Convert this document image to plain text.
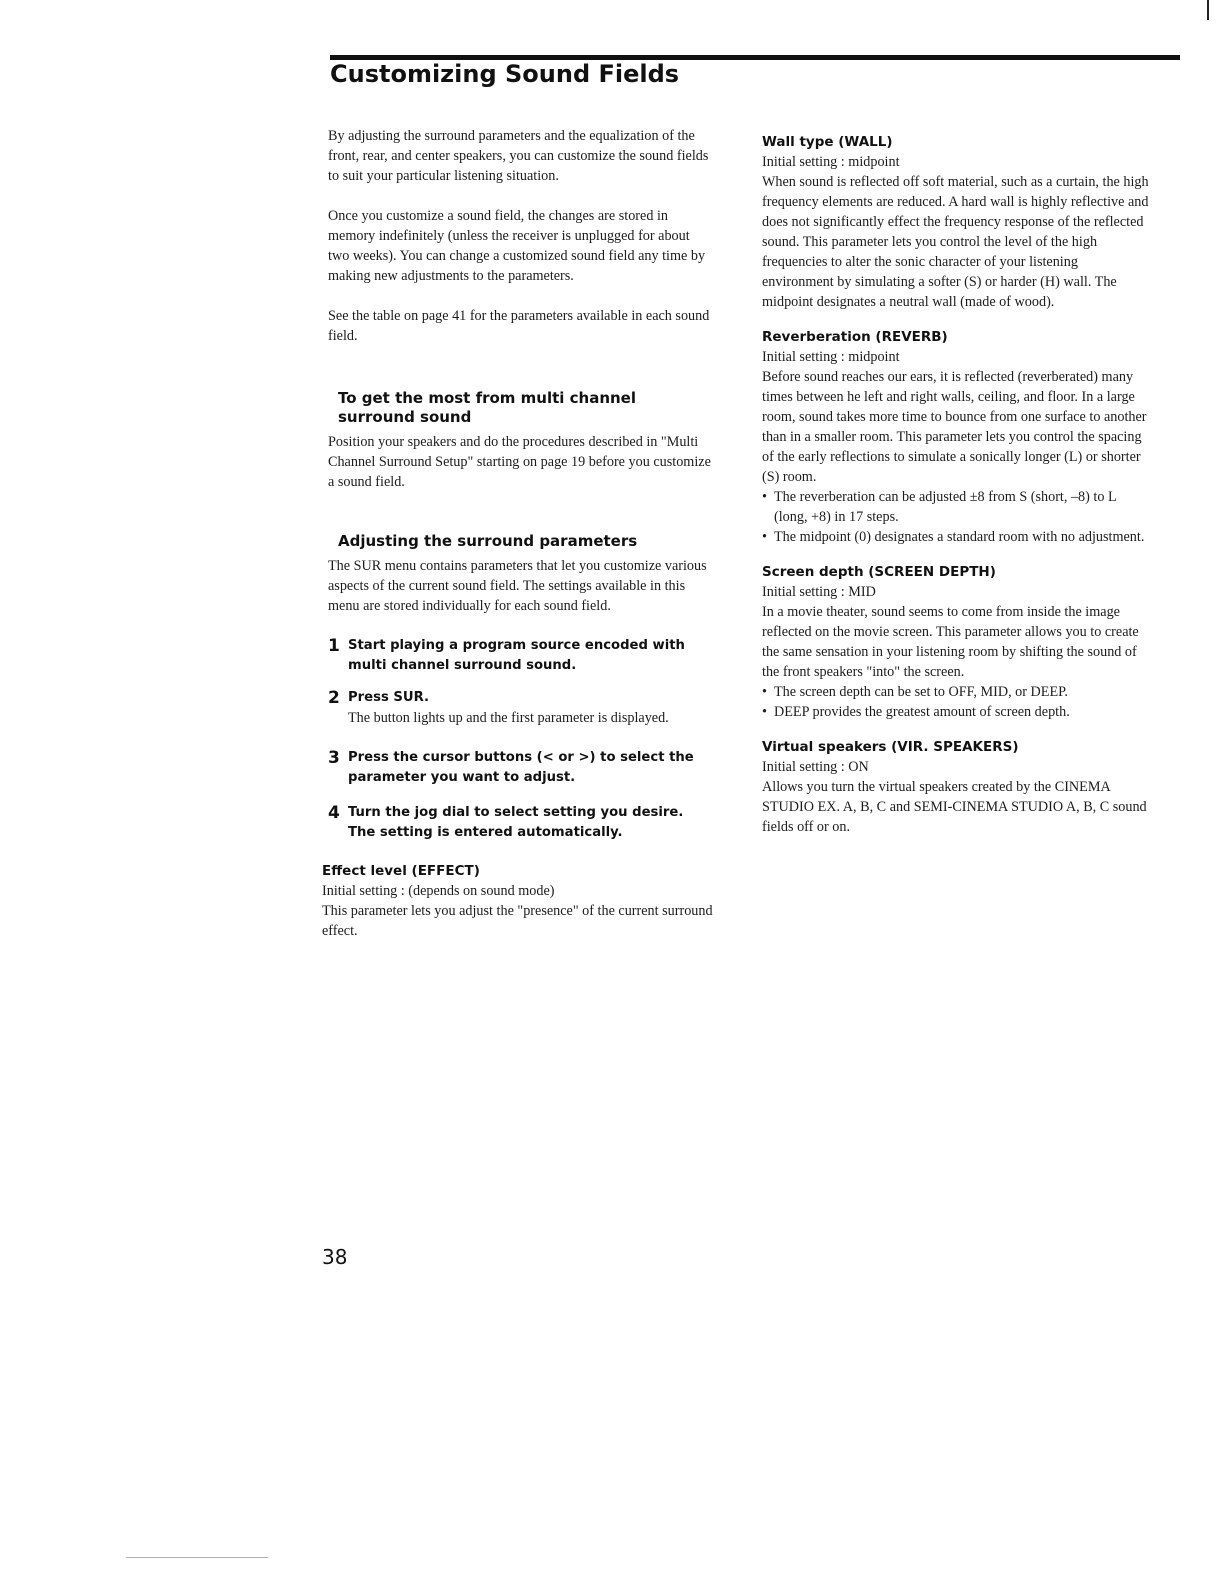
Customizing Sound Fields

By adjusting the surround parameters and the equalization of the front, rear, and center speakers, you can customize the sound fields to suit your particular listening situation.

Once you customize a sound field, the changes are stored in memory indefinitely (unless the receiver is unplugged for about two weeks). You can change a customized sound field any time by making new adjustments to the parameters.

See the table on page 41 for the parameters available in each sound field.

To get the most from multi channel surround sound

Position your speakers and do the procedures described in "Multi Channel Surround Setup" starting on page 19 before you customize a sound field.

Adjusting the surround parameters

The SUR menu contains parameters that let you customize various aspects of the current sound field. The settings available in this menu are stored individually for each sound field.

1 Start playing a program source encoded with multi channel surround sound.
2 Press SUR.
The button lights up and the first parameter is displayed.
3 Press the cursor buttons (< or >) to select the parameter you want to adjust.
4 Turn the jog dial to select setting you desire. The setting is entered automatically.
Effect level (EFFECT)

Initial setting : (depends on sound mode)

This parameter lets you adjust the "presence" of the current surround effect.

Wall type (WALL)

Initial setting : midpoint

When sound is reflected off soft material, such as a curtain, the high frequency elements are reduced. A hard wall is highly reflective and does not significantly effect the frequency response of the reflected sound. This parameter lets you control the level of the high frequencies to alter the sonic character of your listening environment by simulating a softer (S) or harder (H) wall. The midpoint designates a neutral wall (made of wood).

Reverberation (REVERB)

Initial setting : midpoint

Before sound reaches our ears, it is reflected (reverberated) many times between he left and right walls, ceiling, and floor. In a large room, sound takes more time to bounce from one surface to another than in a smaller room. This parameter lets you control the spacing of the early reflections to simulate a sonically longer (L) or shorter (S) room.

• The reverberation can be adjusted ±8 from S (short, –8) to L (long, +8) in 17 steps.
• The midpoint (0) designates a standard room with no adjustment.
Screen depth (SCREEN DEPTH)

Initial setting : MID

In a movie theater, sound seems to come from inside the image reflected on the movie screen. This parameter allows you to create the same sensation in your listening room by shifting the sound of the front speakers "into" the screen.

• The screen depth can be set to OFF, MID, or DEEP.
• DEEP provides the greatest amount of screen depth.
Virtual speakers (VIR. SPEAKERS)

Initial setting : ON

Allows you turn the virtual speakers created by the CINEMA STUDIO EX. A, B, C and SEMI-CINEMA STUDIO A, B, C sound fields off or on.

38
